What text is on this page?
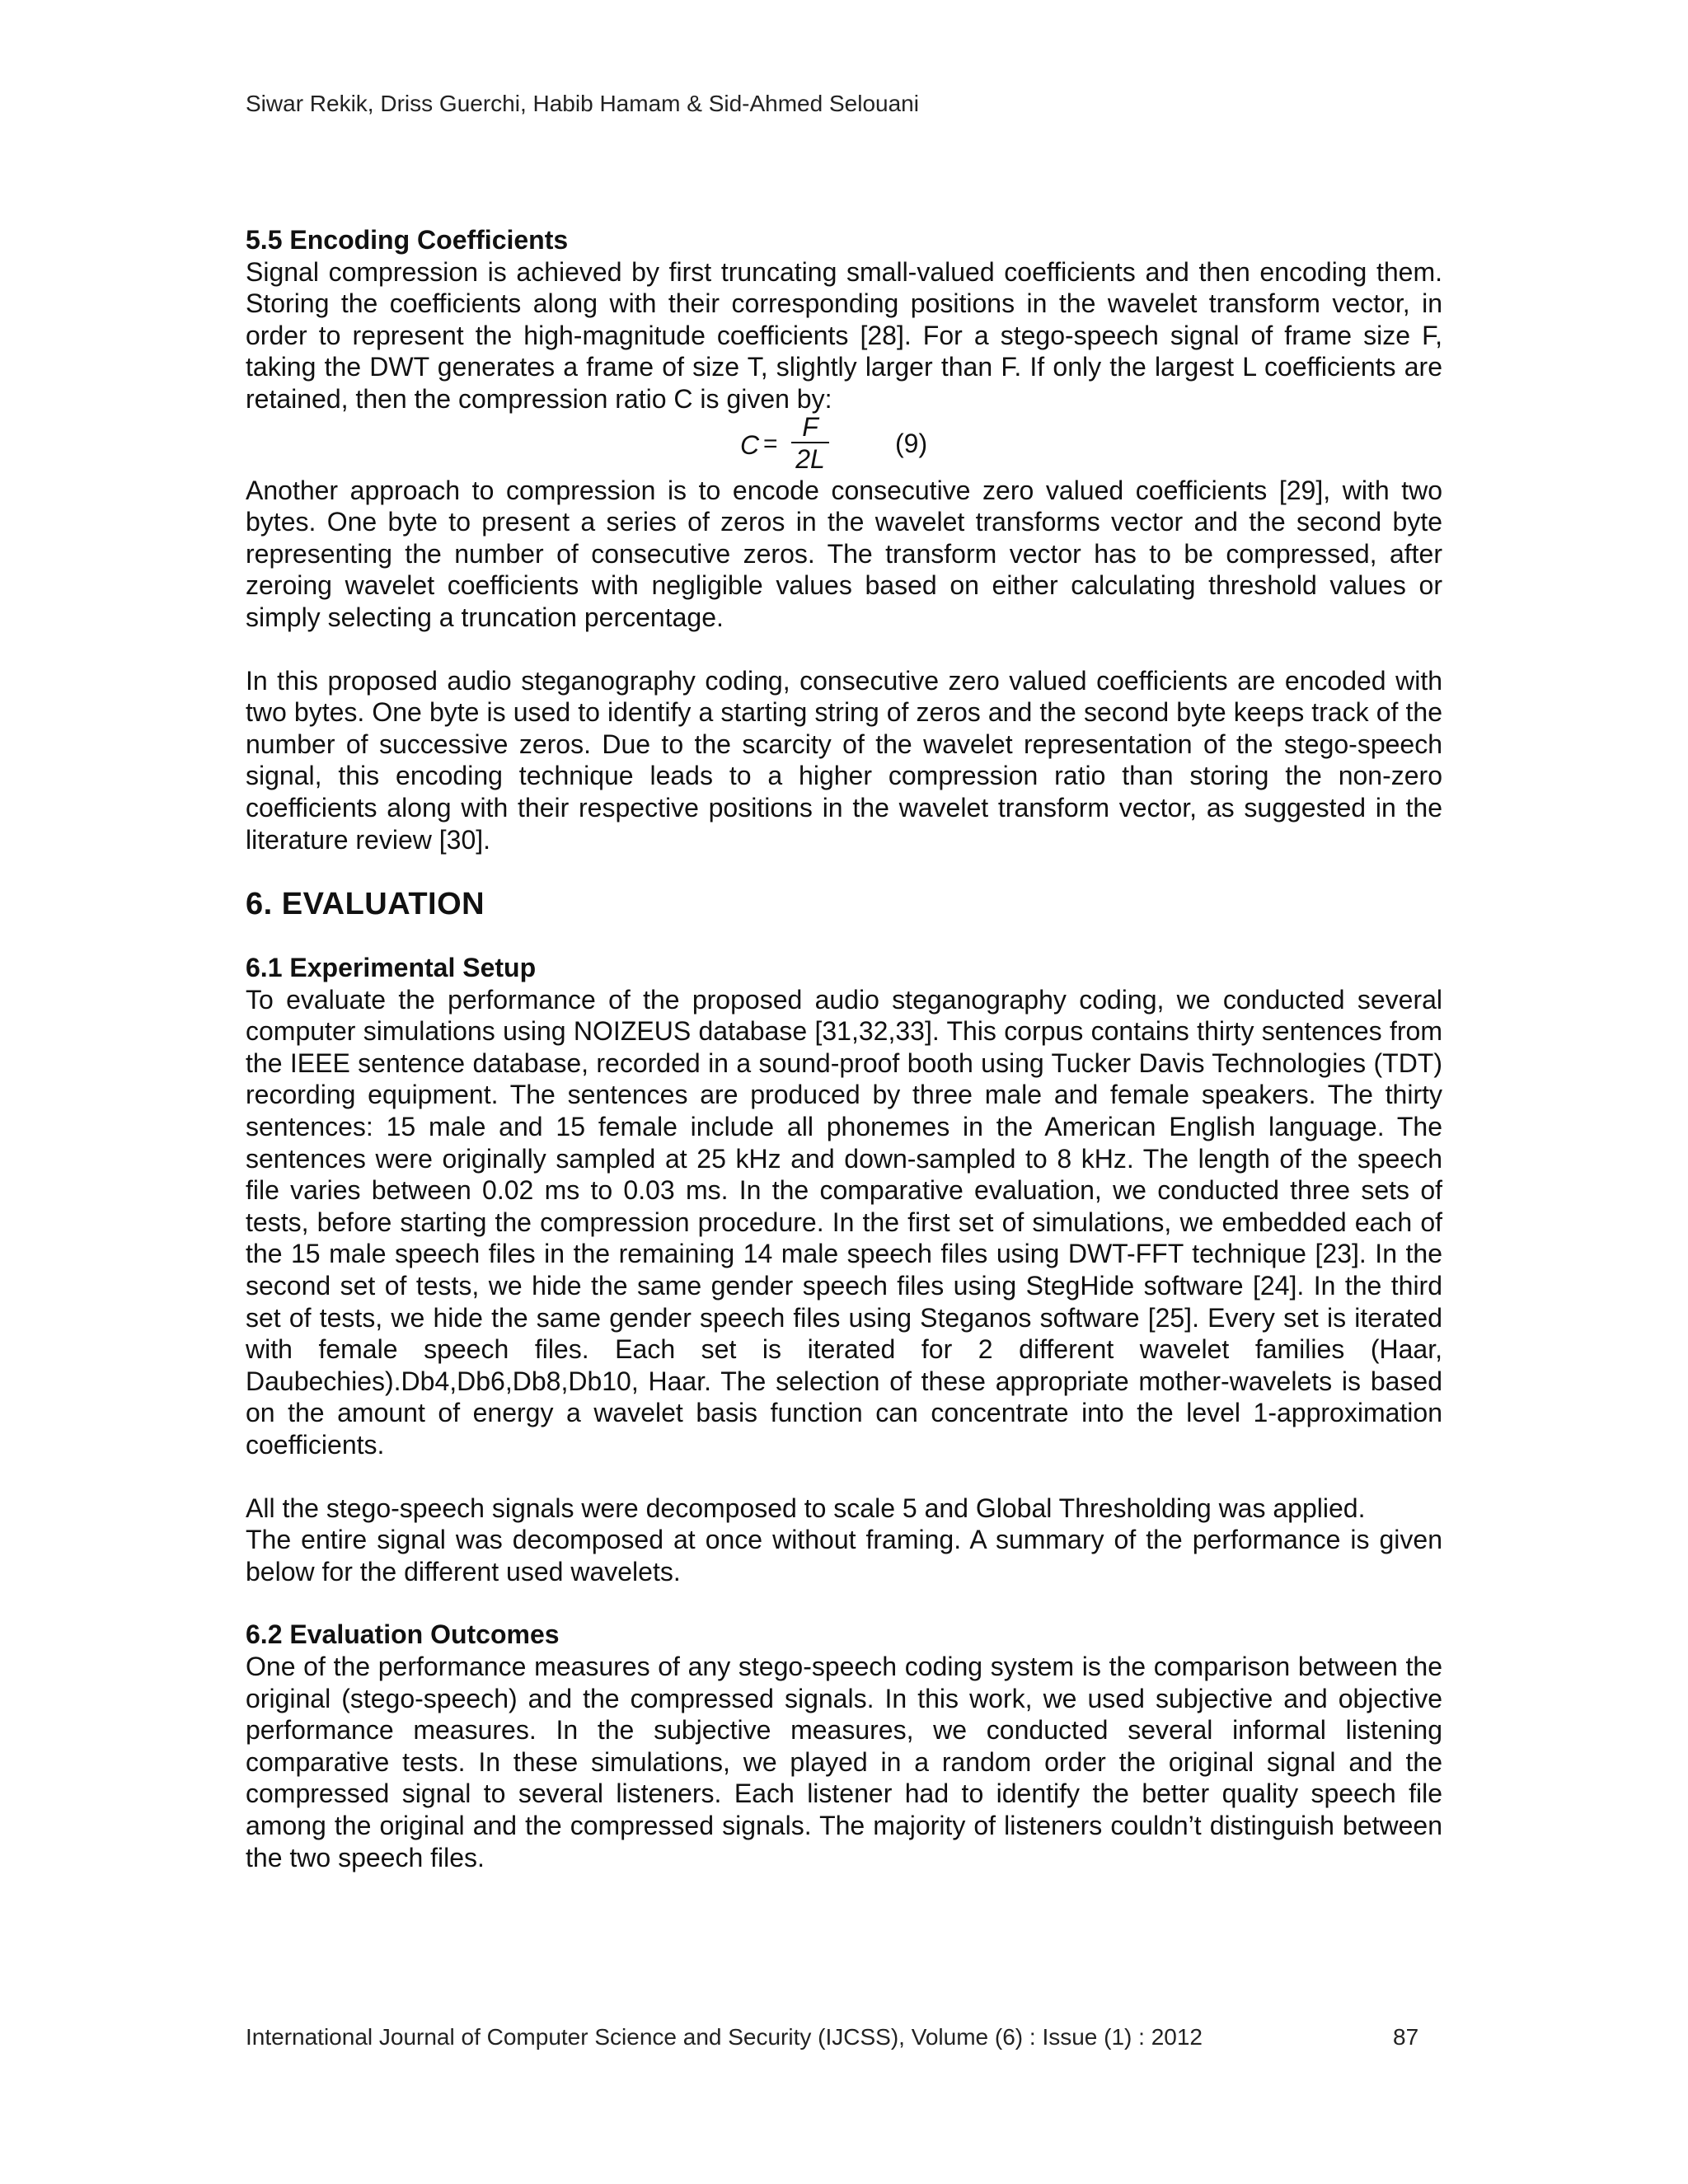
Siwar Rekik, Driss Guerchi, Habib Hamam & Sid-Ahmed Selouani

5.5 Encoding Coefficients

Signal compression is achieved by first truncating small-valued coefficients and then encoding them. Storing the coefficients along with their corresponding positions in the wavelet transform vector, in order to represent the high-magnitude coefficients [28]. For a stego-speech signal of frame size F, taking the DWT generates a frame of size T, slightly larger than F. If only the largest L coefficients are retained, then the compression ratio C is given by:

C =
F
2L
(9)

Another approach to compression is to encode consecutive zero valued coefficients [29], with two bytes. One byte to present a series of zeros in the wavelet transforms vector and the second byte representing the number of consecutive zeros. The transform vector has to be compressed, after zeroing wavelet coefficients with negligible values based on either calculating threshold values or simply selecting a truncation percentage.

In this proposed audio steganography coding, consecutive zero valued coefficients are encoded with two bytes. One byte is used to identify a starting string of zeros and the second byte keeps track of the number of successive zeros. Due to the scarcity of the wavelet representation of the stego-speech signal, this encoding technique leads to a higher compression ratio than storing the non-zero coefficients along with their respective positions in the wavelet transform vector, as suggested in the literature review [30].

6. EVALUATION

6.1 Experimental Setup

To evaluate the performance of the proposed audio steganography coding, we conducted several computer simulations using NOIZEUS database [31,32,33]. This corpus contains thirty sentences from the IEEE sentence database, recorded in a sound-proof booth using Tucker Davis Technologies (TDT) recording equipment. The sentences are produced by three male and female speakers. The thirty sentences: 15 male and 15 female include all phonemes in the American English language. The sentences were originally sampled at 25 kHz and down-sampled to 8 kHz. The length of the speech file varies between 0.02 ms to 0.03 ms. In the comparative evaluation, we conducted three sets of tests, before starting the compression procedure. In the first set of simulations, we embedded each of the 15 male speech files in the remaining 14 male speech files using DWT-FFT technique [23]. In the second set of tests, we hide the same gender speech files using StegHide software [24]. In the third set of tests, we hide the same gender speech files using Steganos software [25]. Every set is iterated with female speech files. Each set is iterated for 2 different wavelet families (Haar, Daubechies).Db4,Db6,Db8,Db10, Haar. The selection of these appropriate mother-wavelets is based on the amount of energy a wavelet basis function can concentrate into the level 1-approximation coefficients.

All the stego-speech signals were decomposed to scale 5 and Global Thresholding was applied.

The entire signal was decomposed at once without framing. A summary of the performance is given below for the different used wavelets.

6.2 Evaluation Outcomes

One of the performance measures of any stego-speech coding system is the comparison between the original (stego-speech) and the compressed signals. In this work, we used subjective and objective performance measures. In the subjective measures, we conducted several informal listening comparative tests. In these simulations, we played in a random order the original signal and the compressed signal to several listeners. Each listener had to identify the better quality speech file among the original and the compressed signals. The majority of listeners couldn’t distinguish between the two speech files.

International Journal of Computer Science and Security (IJCSS), Volume (6) : Issue (1) : 2012	87
